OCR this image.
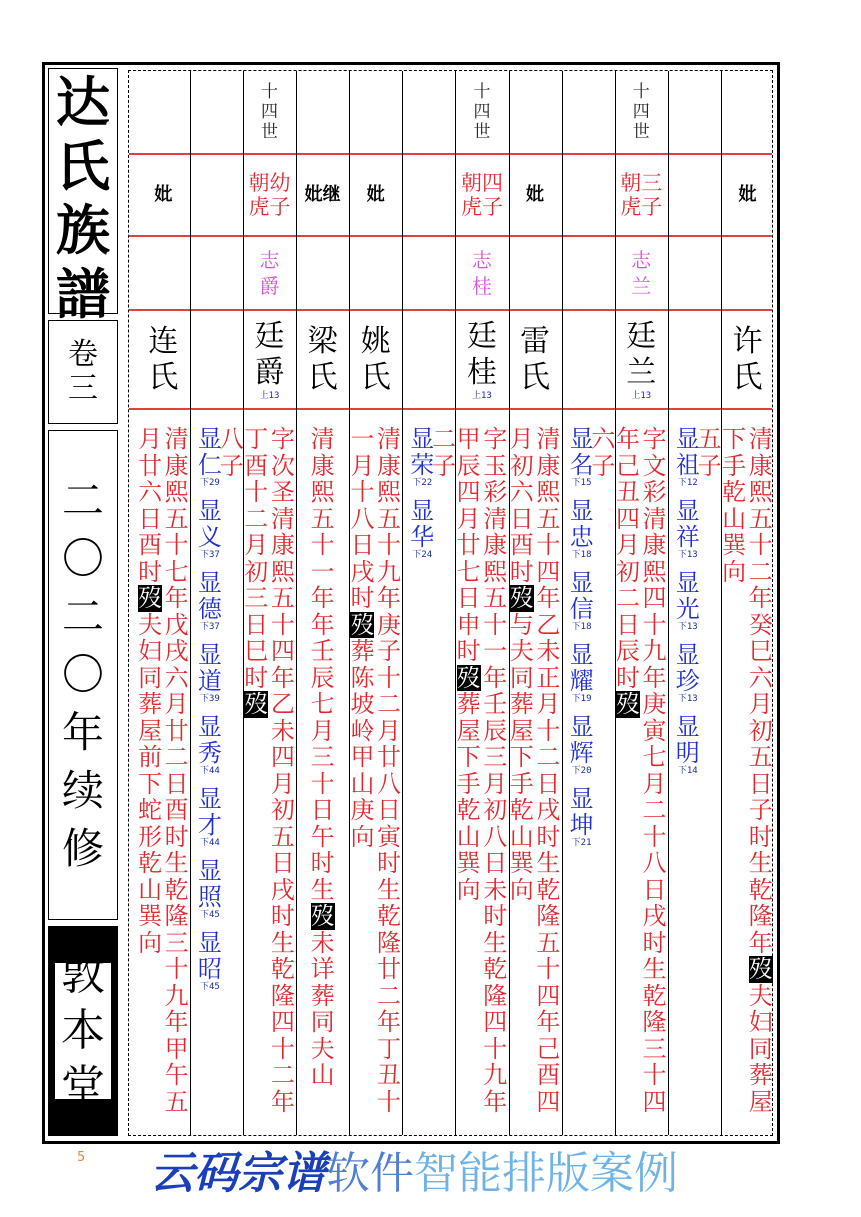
达
氏
族
譜
卷
三
二
〇
二
〇
年
续
修
敦
本
堂
妣
许
氏
清
康
熙
五
十
二
年
癸
巳
六
月
初
五
日
子
时
生
乾
隆
年
歿
夫
妇
同
葬
屋
下
手
乾
山
巽
向
十
四
世
三
子
朝
虎
志
兰
廷
兰
上13
字
文
彩
清
康
熙
四
十
九
年
庚
寅
七
月
二
十
八
日
戌
时
生
乾
隆
三
十
四
年
己
丑
四
月
初
二
日
辰
时
歿
妣
雷
氏
清
康
熙
五
十
四
年
乙
未
正
月
十
二
日
戌
时
生
乾
隆
五
十
四
年
己
酉
四
月
初
六
日
酉
时
歿
与
夫
同
葬
屋
下
手
乾
山
巽
向
十
四
世
四
子
朝
虎
志
桂
廷
桂
上13
字
玉
彩
清
康
熙
五
十
一
年
壬
辰
三
月
初
八
日
未
时
生
乾
隆
四
十
九
年
甲
辰
四
月
廿
七
日
申
时
歿
葬
屋
下
手
乾
山
巽
向
妣
姚
氏
清
康
熙
五
十
九
年
庚
子
十
二
月
廿
八
日
寅
时
生
乾
隆
廿
二
年
丁
丑
十
一
月
十
八
日
戌
时
歿
葬
陈
坡
岭
甲
山
庚
向
继
妣
梁
氏
清
康
熙
五
十
一
年
年
壬
辰
七
月
三
十
日
午
时
生
歿
未
详
葬
同
夫
山
十
四
世
幼
子
朝
虎
志
爵
廷
爵
上13
字
次
圣
清
康
熙
五
十
四
年
乙
未
四
月
初
五
日
戌
时
生
乾
隆
四
十
二
年
丁
酉
十
二
月
初
三
日
巳
时
歿
妣
连
氏
清
康
熙
五
十
七
年
戊
戌
六
月
廿
二
日
酉
时
生
乾
隆
三
十
九
年
甲
午
五
月
廿
六
日
酉
时
歿
夫
妇
同
葬
屋
前
下
蛇
形
乾
山
巽
向
五
子
显
祖
下12
显
祥
下13
显
光
下13
显
珍
下13
显
明
下14
六
子
显
名
下15
显
忠
下18
显
信
下18
显
耀
下19
显
辉
下20
显
坤
下21
二
子
显
荣
下22
显
华
下24
八
子
显
仁
下29
显
义
下37
显
德
下37
显
道
下39
显
秀
下44
显
才
下44
显
照
下45
显
昭
下45
5 云码宗谱软件智能排版案例
